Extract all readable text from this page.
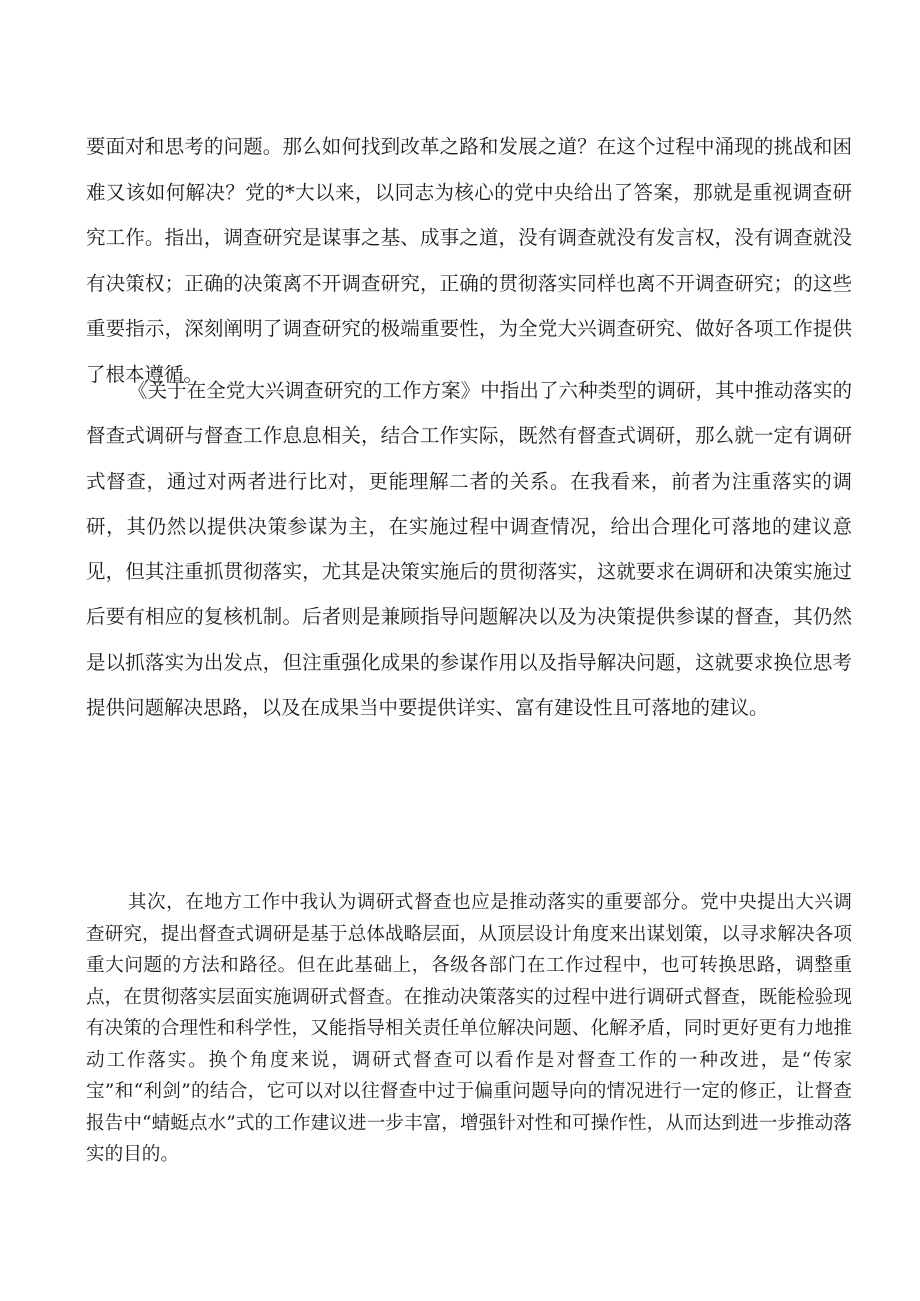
要面对和思考的问题。那么如何找到改革之路和发展之道？在这个过程中涌现的挑战和困难又该如何解决？党的*大以来，以同志为核心的党中央给出了答案，那就是重视调查研究工作。指出，调查研究是谋事之基、成事之道，没有调查就没有发言权，没有调查就没有决策权；正确的决策离不开调查研究，正确的贯彻落实同样也离不开调查研究；的这些重要指示，深刻阐明了调查研究的极端重要性，为全党大兴调查研究、做好各项工作提供了根本遵循。

《关于在全党大兴调查研究的工作方案》中指出了六种类型的调研，其中推动落实的督查式调研与督查工作息息相关，结合工作实际，既然有督查式调研，那么就一定有调研式督查，通过对两者进行比对，更能理解二者的关系。在我看来，前者为注重落实的调研，其仍然以提供决策参谋为主，在实施过程中调查情况，给出合理化可落地的建议意见，但其注重抓贯彻落实，尤其是决策实施后的贯彻落实，这就要求在调研和决策实施过后要有相应的复核机制。后者则是兼顾指导问题解决以及为决策提供参谋的督查，其仍然是以抓落实为出发点，但注重强化成果的参谋作用以及指导解决问题，这就要求换位思考提供问题解决思路，以及在成果当中要提供详实、富有建设性且可落地的建议。

其次，在地方工作中我认为调研式督查也应是推动落实的重要部分。党中央提出大兴调查研究，提出督查式调研是基于总体战略层面，从顶层设计角度来出谋划策，以寻求解决各项重大问题的方法和路径。但在此基础上，各级各部门在工作过程中，也可转换思路，调整重点，在贯彻落实层面实施调研式督查。在推动决策落实的过程中进行调研式督查，既能检验现有决策的合理性和科学性，又能指导相关责任单位解决问题、化解矛盾，同时更好更有力地推动工作落实。换个角度来说，调研式督查可以看作是对督查工作的一种改进，是“传家宝”和“利剑”的结合，它可以对以往督查中过于偏重问题导向的情况进行一定的修正，让督查报告中“蜻蜓点水”式的工作建议进一步丰富，增强针对性和可操作性，从而达到进一步推动落实的目的。
